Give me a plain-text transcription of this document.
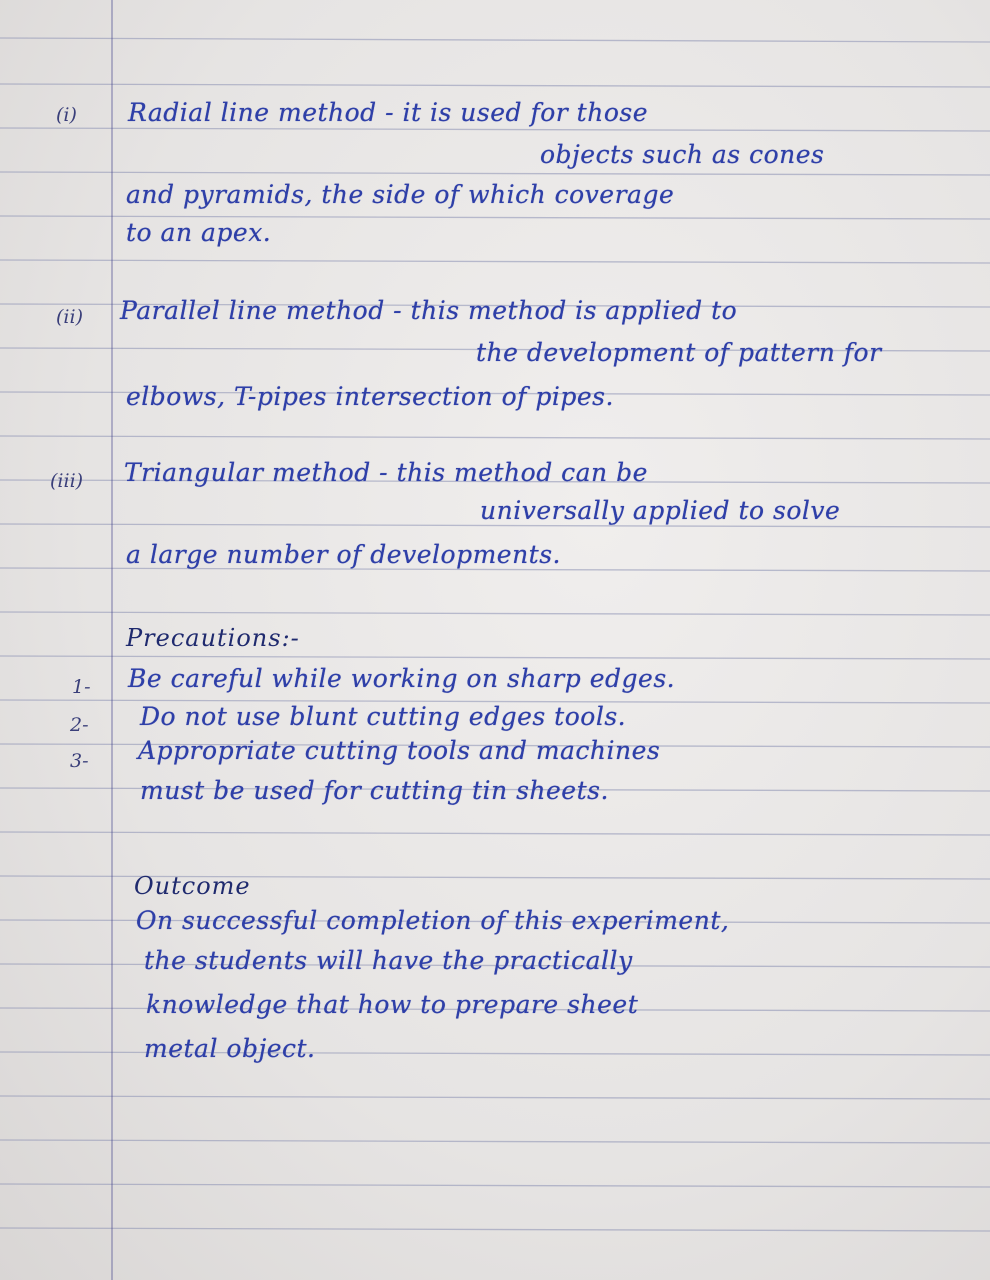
(i) Radial line method - it is used for those
objects such as cones
and pyramids, the side of which coverage
to an apex.
(ii) Parallel line method - this method is applied to
the development of pattern for
elbows, T-pipes intersection of pipes.
(iii) Triangular method - this method can be
universally applied to solve
a large number of developments.
Precautions:-
1- Be careful while working on sharp edges.
2- Do not use blunt cutting edges tools.
3- Appropriate cutting tools and machines
must be used for cutting tin sheets.
Outcome
On successful completion of this experiment,
the students will have the practically
knowledge that how to prepare sheet
metal object.
